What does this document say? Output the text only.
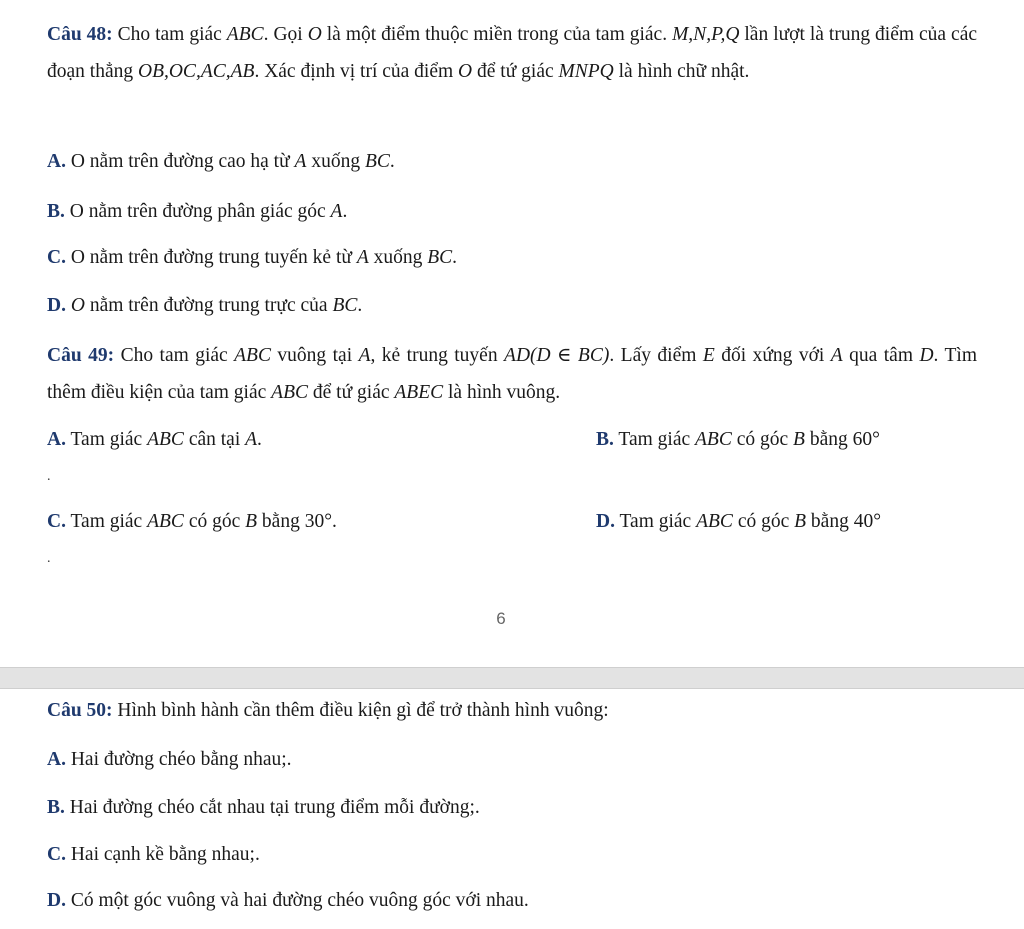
Câu 48: Cho tam giác ABC. Gọi O là một điểm thuộc miền trong của tam giác. M,N,P,Q lần lượt là trung điểm của các đoạn thẳng OB,OC,AC,AB. Xác định vị trí của điểm O để tứ giác MNPQ là hình chữ nhật.
A. O nằm trên đường cao hạ từ A xuống BC.
B. O nằm trên đường phân giác góc A.
C. O nằm trên đường trung tuyến kẻ từ A xuống BC.
D. O nằm trên đường trung trực của BC.
Câu 49: Cho tam giác ABC vuông tại A, kẻ trung tuyến AD(D ∈ BC). Lấy điểm E đối xứng với A qua tâm D. Tìm thêm điều kiện của tam giác ABC để tứ giác ABEC là hình vuông.
A. Tam giác ABC cân tại A.	B. Tam giác ABC có góc B bằng 60°
.
C. Tam giác ABC có góc B bằng 30°.	D. Tam giác ABC có góc B bằng 40°
.
6
Câu 50: Hình bình hành cần thêm điều kiện gì để trở thành hình vuông:
A. Hai đường chéo bằng nhau;.
B. Hai đường chéo cắt nhau tại trung điểm mỗi đường;.
C. Hai cạnh kề bằng nhau;.
D. Có một góc vuông và hai đường chéo vuông góc với nhau.
